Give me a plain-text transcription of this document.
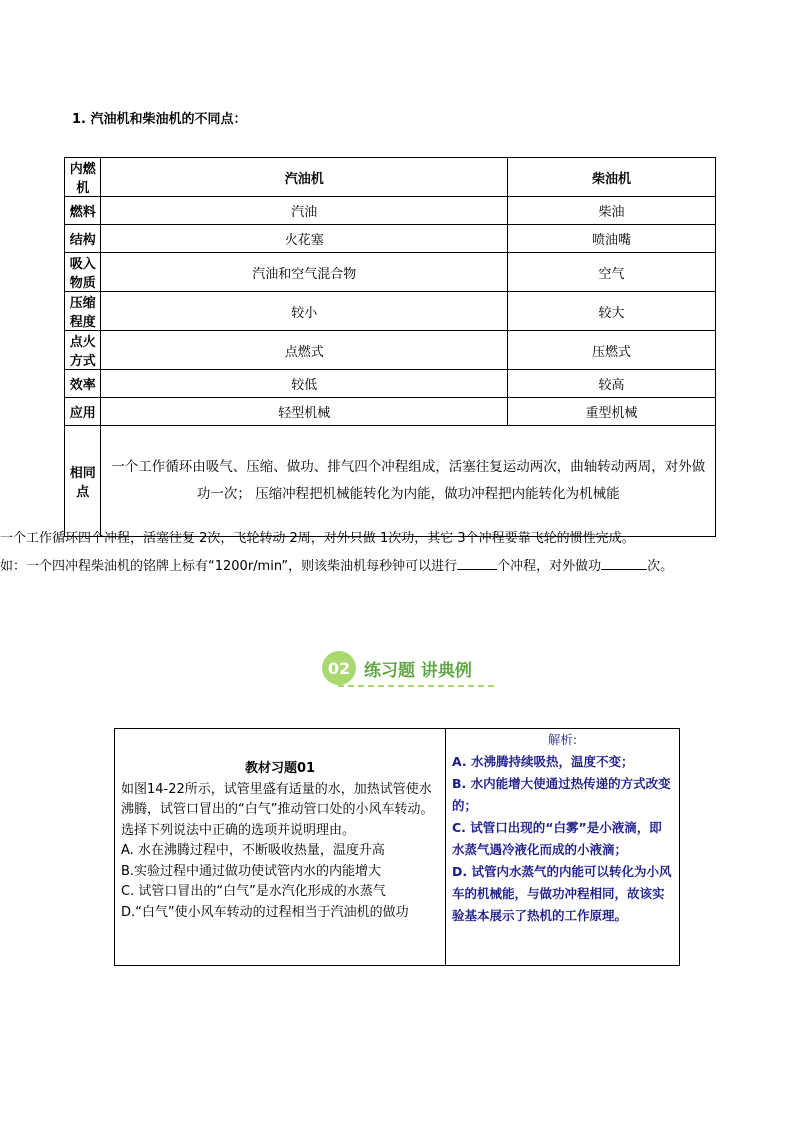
1. 汽油机和柴油机的不同点：
内燃机	汽油机	柴油机
燃料	汽油	柴油
结构	火花塞	喷油嘴
吸入物质	汽油和空气混合物	空气
压缩程度	较小	较大
点火方式	点燃式	压燃式
效率	较低	较高
应用	轻型机械	重型机械
相同点	一个工作循环由吸气、压缩、做功、排气四个冲程组成，活塞往复运动两次，曲轴转动两周，对外做功一次； 压缩冲程把机械能转化为内能，做功冲程把内能转化为机械能	
一个工作循环四个冲程，活塞往复 2次，飞轮转动 2周，对外只做 1次功，其它 3个冲程要靠飞轮的惯性完成。
如：一个四冲程柴油机的铭牌上标有“1200r/min”，则该柴油机每秒钟可以进行	个冲程，对外做功	次。
02 练习题 讲典例
教材习题01
如图14-22所示，试管里盛有适量的水，加热试管使水沸腾，试管口冒出的“白气”推动管口处的小风车转动。选择下列说法中正确的选项并说明理由。
A. 水在沸腾过程中，不断吸收热量，温度升高
B.实验过程中通过做功使试管内水的内能增大
C. 试管口冒出的“白气”是水汽化形成的水蒸气
D.“白气”使小风车转动的过程相当于汽油机的做功
解析:
A. 水沸腾持续吸热，温度不变；
B. 水内能增大使通过热传递的方式改变的；
C. 试管口出现的“白雾”是小液滴，即水蒸气遇冷液化而成的小液滴；
D. 试管内水蒸气的内能可以转化为小风车的机械能，与做功冲程相同，故该实验基本展示了热机的工作原理。
